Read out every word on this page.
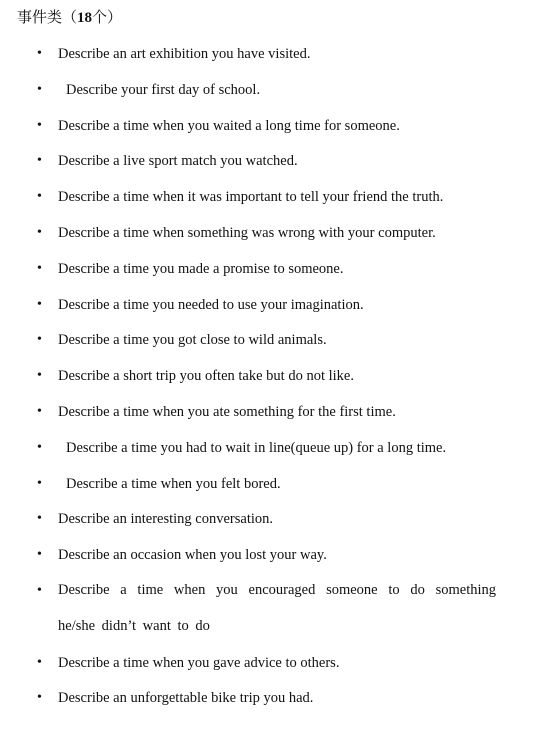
事件类（18个）
• Describe an art exhibition you have visited.
• Describe your first day of school.
• Describe a time when you waited a long time for someone.
• Describe a live sport match you watched.
• Describe a time when it was important to tell your friend the truth.
• Describe a time when something was wrong with your computer.
• Describe a time you made a promise to someone.
• Describe a time you needed to use your imagination.
• Describe a time you got close to wild animals.
• Describe a short trip you often take but do not like.
• Describe a time when you ate something for the first time.
• Describe a time you had to wait in line(queue up) for a long time.
• Describe a time when you felt bored.
• Describe an interesting conversation.
• Describe an occasion when you lost your way.
• Describe a time when you encouraged someone to do something he/she didn’t want to do
• Describe a time when you gave advice to others.
• Describe an unforgettable bike trip you had.
